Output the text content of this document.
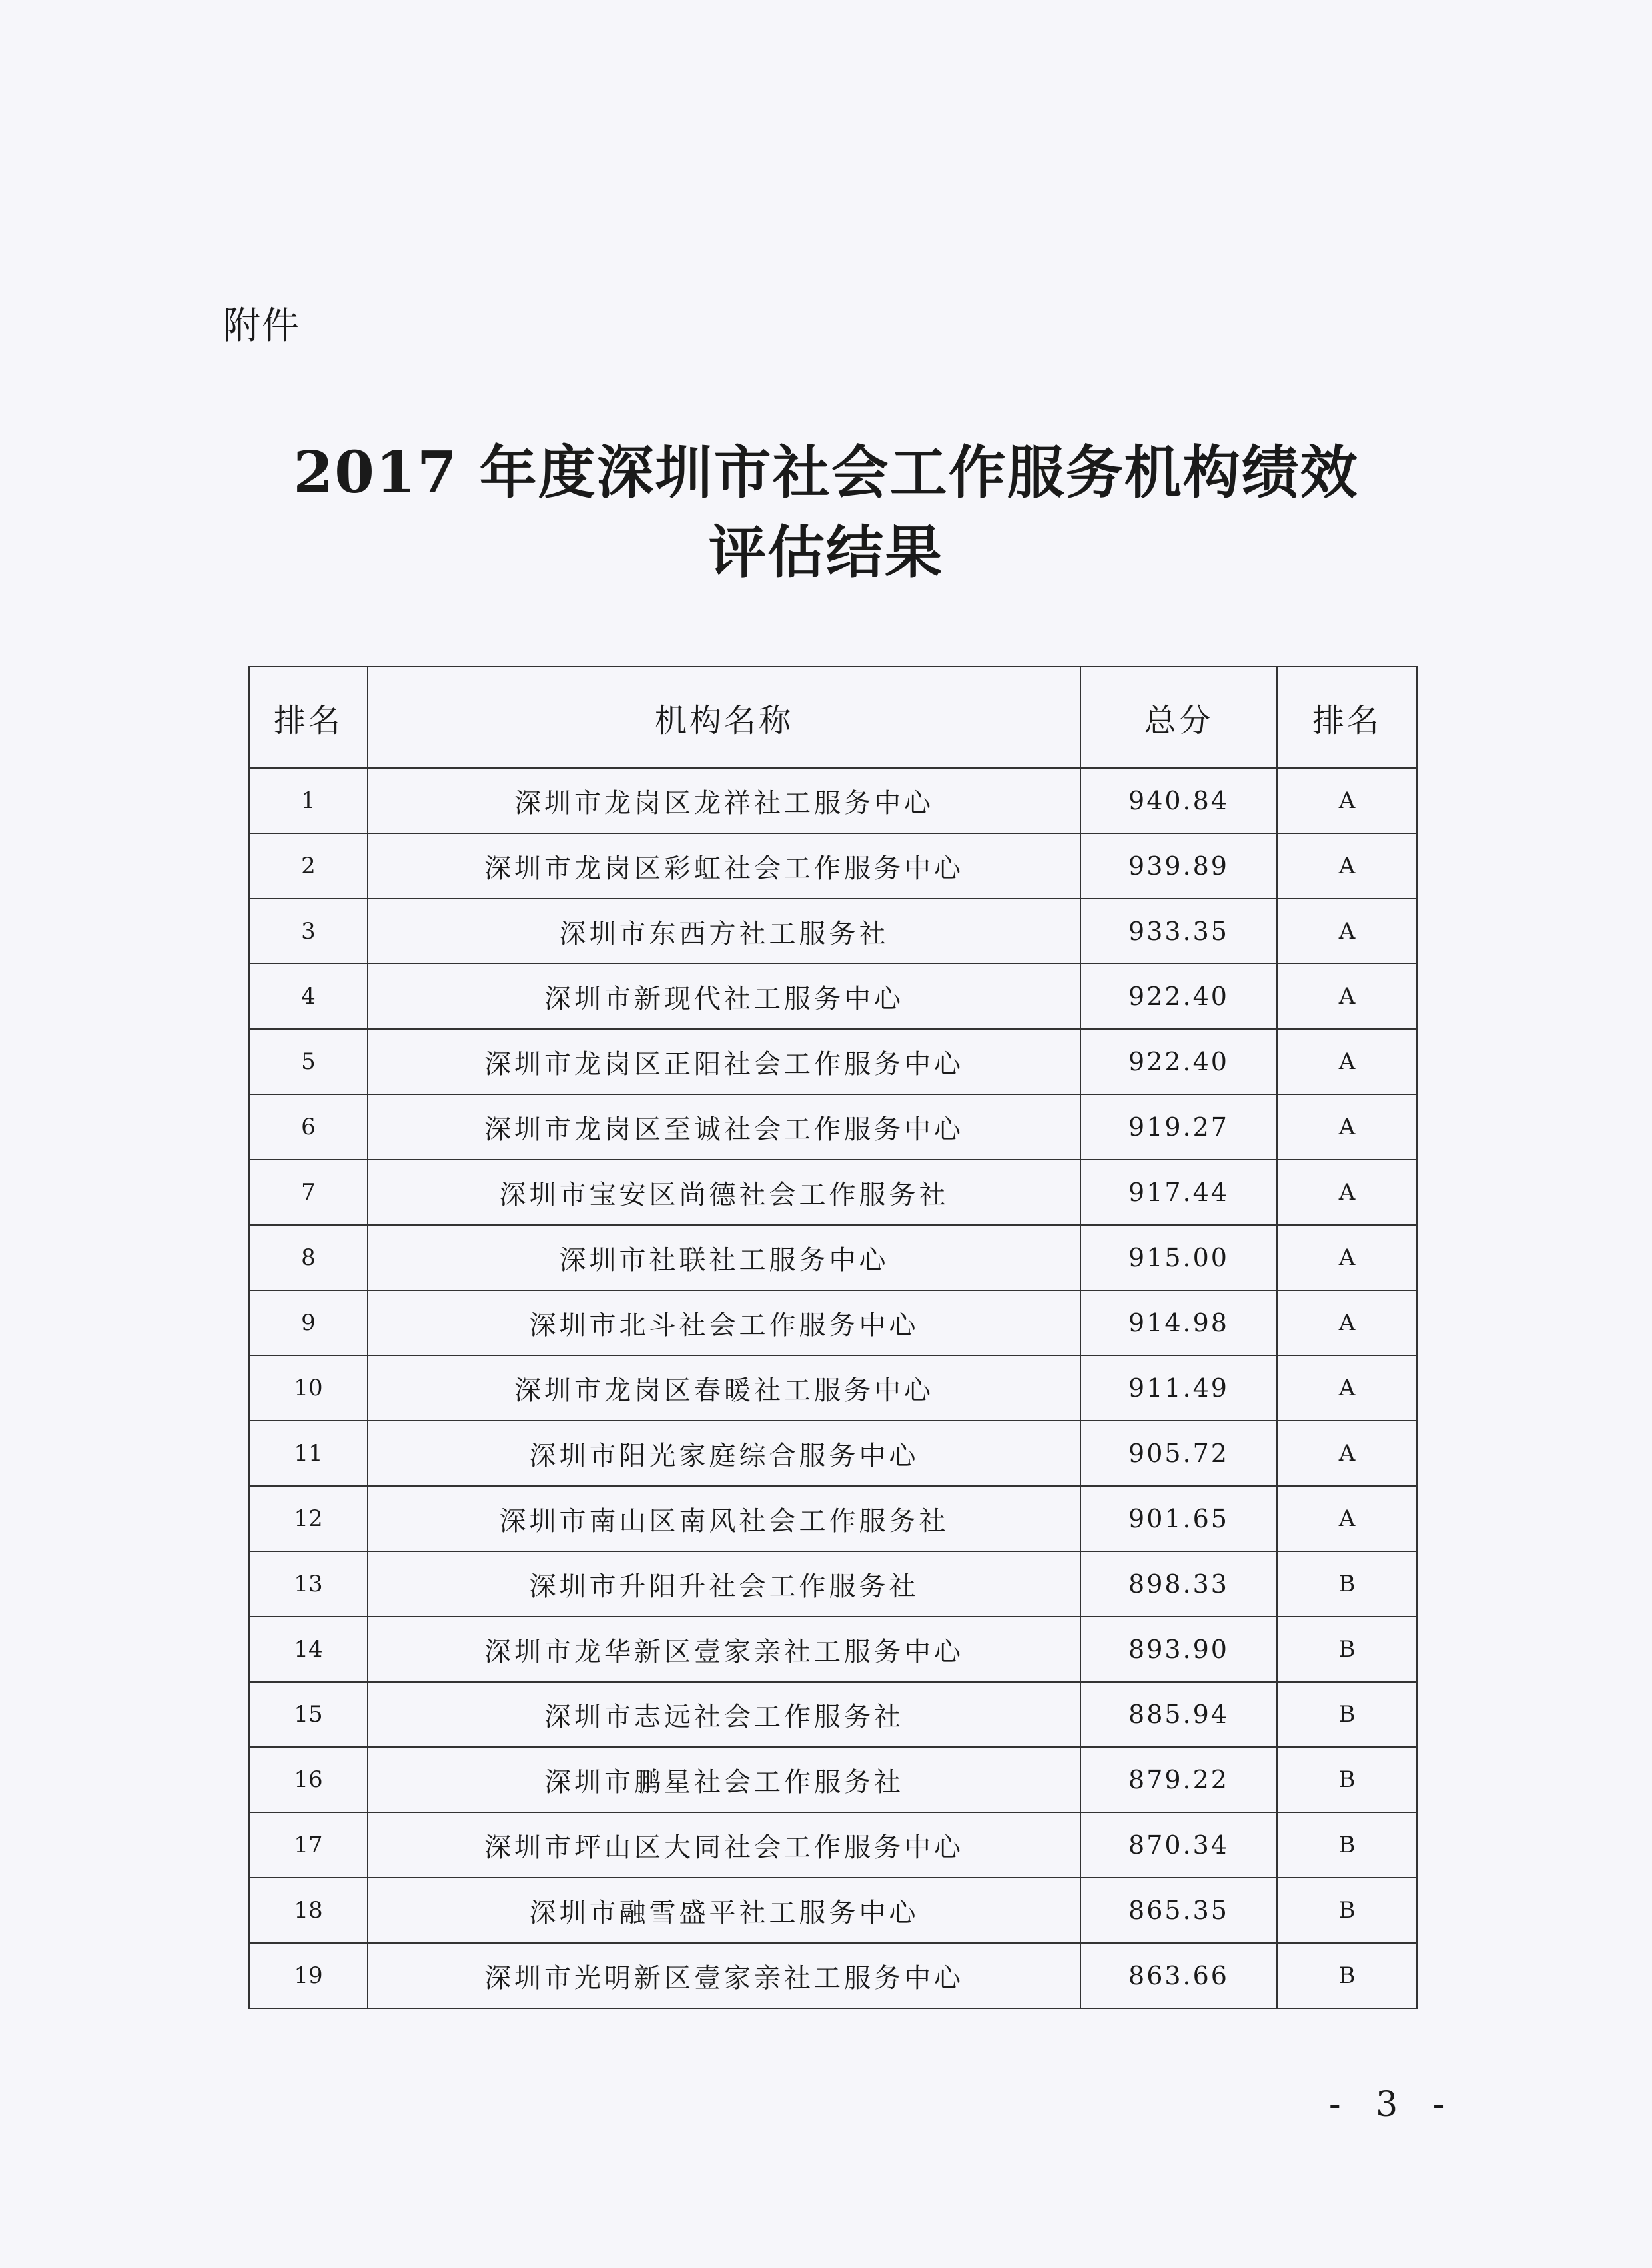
附件
2017 年度深圳市社会工作服务机构绩效
评估结果
排名	机构名称	总分	排名
1	深圳市龙岗区龙祥社工服务中心	940.84	A
2	深圳市龙岗区彩虹社会工作服务中心	939.89	A
3	深圳市东西方社工服务社	933.35	A
4	深圳市新现代社工服务中心	922.40	A
5	深圳市龙岗区正阳社会工作服务中心	922.40	A
6	深圳市龙岗区至诚社会工作服务中心	919.27	A
7	深圳市宝安区尚德社会工作服务社	917.44	A
8	深圳市社联社工服务中心	915.00	A
9	深圳市北斗社会工作服务中心	914.98	A
10	深圳市龙岗区春暖社工服务中心	911.49	A
11	深圳市阳光家庭综合服务中心	905.72	A
12	深圳市南山区南风社会工作服务社	901.65	A
13	深圳市升阳升社会工作服务社	898.33	B
14	深圳市龙华新区壹家亲社工服务中心	893.90	B
15	深圳市志远社会工作服务社	885.94	B
16	深圳市鹏星社会工作服务社	879.22	B
17	深圳市坪山区大同社会工作服务中心	870.34	B
18	深圳市融雪盛平社工服务中心	865.35	B
19	深圳市光明新区壹家亲社工服务中心	863.66	B
- 3 -
